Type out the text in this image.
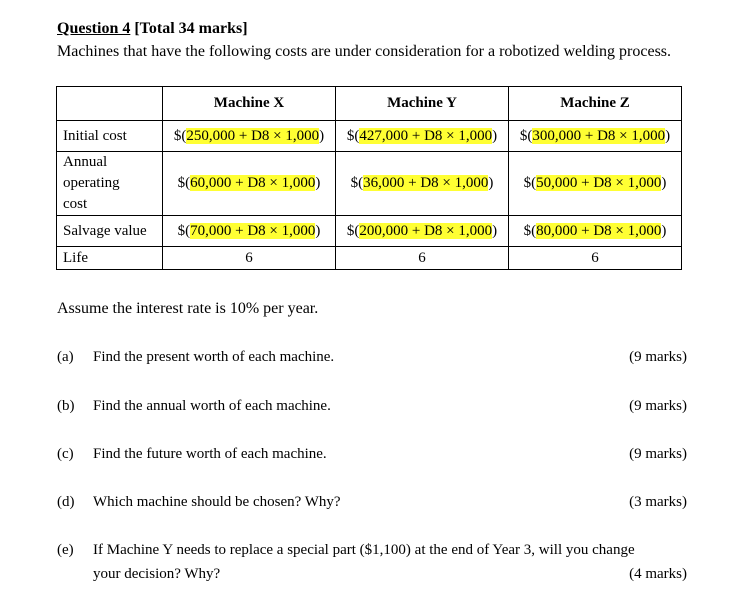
Question 4 [Total 34 marks]
Machines that have the following costs are under consideration for a robotized welding process.
	Machine X	Machine Y	Machine Z
Initial cost	$(250,000 + D8 × 1,000)	$(427,000 + D8 × 1,000)	$(300,000 + D8 × 1,000)

Annual
operating
cost	$(60,000 + D8 × 1,000)	$(36,000 + D8 × 1,000)	$(50,000 + D8 × 1,000)
Salvage value	$(70,000 + D8 × 1,000)	$(200,000 + D8 × 1,000)	$(80,000 + D8 × 1,000)
Life	6	6	6
Assume the interest rate is 10% per year.
(a) Find the present worth of each machine.	(9 marks)
(b) Find the annual worth of each machine.	(9 marks)
(c) Find the future worth of each machine.	(9 marks)
(d) Which machine should be chosen? Why?	(3 marks)
(e) If Machine Y needs to replace a special part ($1,100) at the end of Year 3, will you change
your decision? Why?	(4 marks)
